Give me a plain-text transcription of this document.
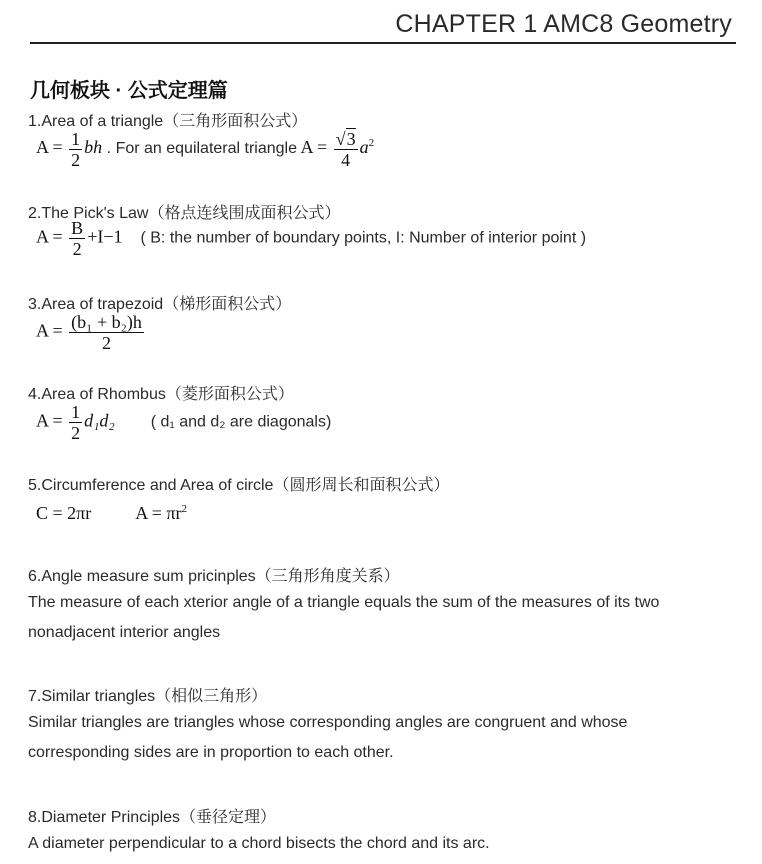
CHAPTER 1 AMC8 Geometry
几何板块 · 公式定理篇
1.Area of a triangle（三角形面积公式）
$A = \frac{1}{2}$ bh . For an equilateral triangle $A = \frac{√3}{4} a^2$
2.The Pick's Law（格点连线围成面积公式）
$A = \frac{B}{2} +I-1$ ( B: the number of boundary points, I: Number of interior point )
3.Area of trapezoid（梯形面积公式）
$A = \frac{\text{(b₁ + b₂)h}}{2}$
4.Area of Rhombus（菱形面积公式）
$A = \frac{1}{2} d_1d_2$ ( d₁ and d₂ are diagonals)
5.Circumference and Area of circle（圆形周长和面积公式）
C = 2πr $A = \pi r^2$
6.Angle measure sum pricinples（三角形角度关系）
The measure of each xterior angle of a triangle equals the sum of the measures of its two nonadjacent interior angles
7.Similar triangles（相似三角形）
Similar triangles are triangles whose corresponding angles are congruent and whose corresponding sides are in proportion to each other.
8.Diameter Principles（垂径定理）
A diameter perpendicular to a chord bisects the chord and its arc.
